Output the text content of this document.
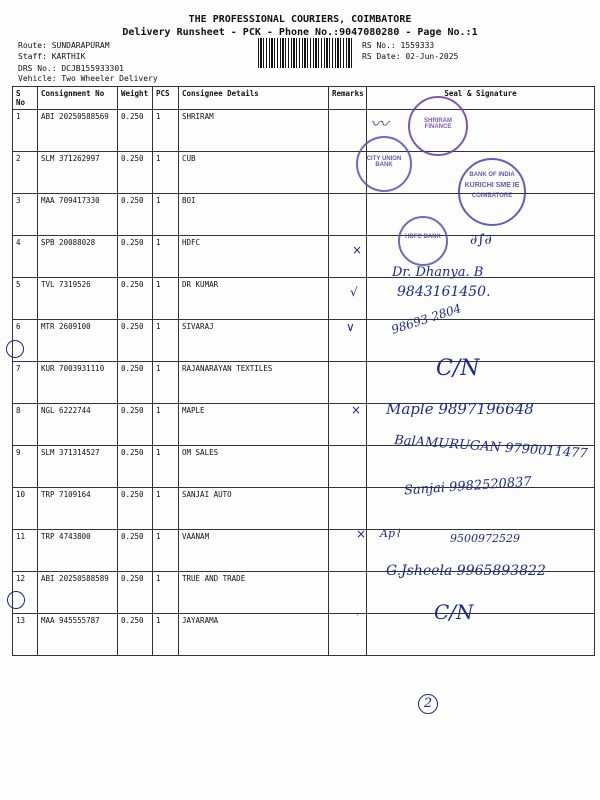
THE PROFESSIONAL COURIERS, COIMBATORE
Delivery Runsheet - PCK - Phone No.:9047080280 - Page No.:1
Route: SUNDARAPURAM
Staff: KARTHIK
DRS No.: DCJB155933301
Vehicle: Two Wheeler Delivery
RS No.: 1559333
RS Date: 02-Jun-2025
S No	Consignment No	Weight	PCS	Consignee Details	Remarks	Seal & Signature
1	ABI 20250588569	0.250	1	SHRIRAM		
2	SLM 371262997	0.250	1	CUB		
3	MAA 709417330	0.250	1	BOI		
4	SPB 20088028	0.250	1	HDFC		
5	TVL 7319526	0.250	1	DR KUMAR		
6	MTR 2609100	0.250	1	SIVARAJ		
7	KUR 7003931110	0.250	1	RAJANARAYAN TEXTILES		
8	NGL 6222744	0.250	1	MAPLE		
9	SLM 371314527	0.250	1	OM SALES		
10	TRP 7109164	0.250	1	SANJAI AUTO		
11	TRP 4743800	0.250	1	VAANAM		
12	ABI 20250588589	0.250	1	TRUE AND TRADE		
13	MAA 945555787	0.250	1	JAYARAMA		
SHRIRAM FINANCE
CITY UNION BANK
BANK OF INDIA
KURICHI SME IE
COIMBATORE
HDFC BANK
〰
∂∫∂
×
√
∨
×
×
·
Dr. Dhanya. B
9843161450.
98693 2804
C/N
Maple 9897196648
BalAMURUGAN 9790011477
Sanjai 9982520837
Ap⌇	9500972529
G.Jsheela 9965893822
C/N
2
